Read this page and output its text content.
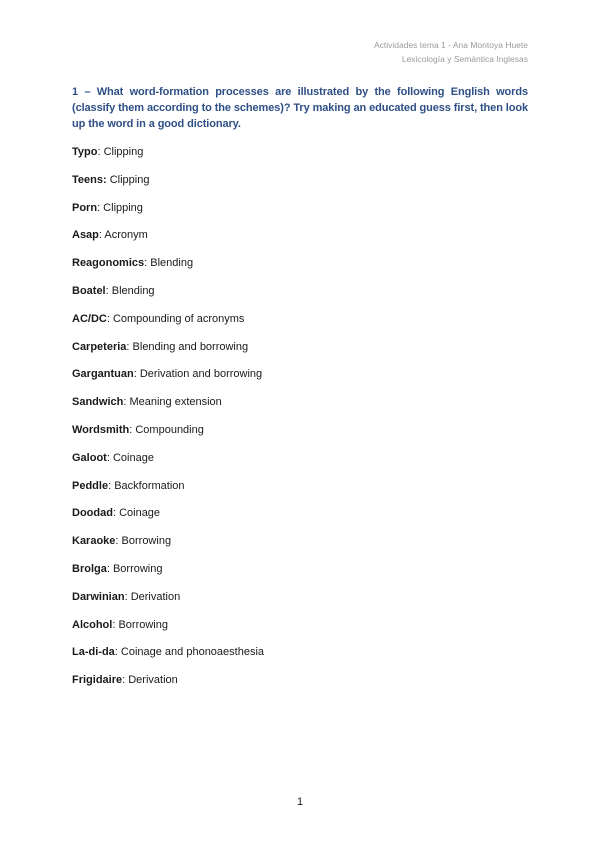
Actividades tema 1 - Ana Montoya Huete
Lexicología y Semántica Inglesas
1 – What word-formation processes are illustrated by the following English words (classify them according to the schemes)? Try making an educated guess first, then look up the word in a good dictionary.
Typo: Clipping
Teens: Clipping
Porn: Clipping
Asap: Acronym
Reagonomics: Blending
Boatel: Blending
AC/DC: Compounding of acronyms
Carpeteria: Blending and borrowing
Gargantuan: Derivation and borrowing
Sandwich: Meaning extension
Wordsmith: Compounding
Galoot: Coinage
Peddle: Backformation
Doodad: Coinage
Karaoke: Borrowing
Brolga: Borrowing
Darwinian: Derivation
Alcohol: Borrowing
La-di-da: Coinage and phonoaesthesia
Frigidaire: Derivation
1
